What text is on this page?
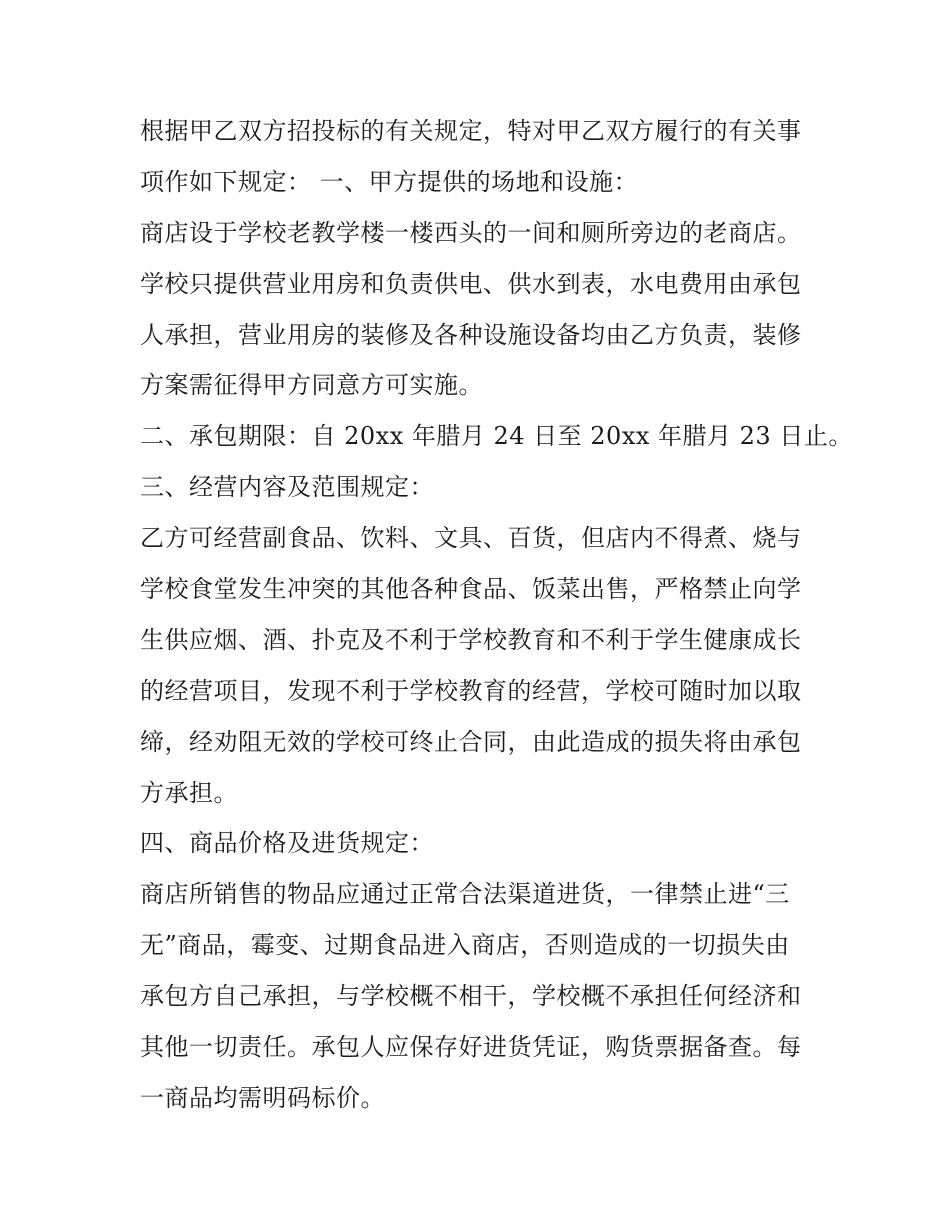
根据甲乙双方招投标的有关规定，特对甲乙双方履行的有关事
项作如下规定： 一、甲方提供的场地和设施：
商店设于学校老教学楼一楼西头的一间和厕所旁边的老商店。
学校只提供营业用房和负责供电、供水到表，水电费用由承包
人承担，营业用房的装修及各种设施设备均由乙方负责，装修
方案需征得甲方同意方可实施。
二、承包期限：自 20xx 年腊月 24 日至 20xx 年腊月 23 日止。
三、经营内容及范围规定：
乙方可经营副食品、饮料、文具、百货，但店内不得煮、烧与
学校食堂发生冲突的其他各种食品、饭菜出售，严格禁止向学
生供应烟、酒、扑克及不利于学校教育和不利于学生健康成长
的经营项目，发现不利于学校教育的经营，学校可随时加以取
缔，经劝阻无效的学校可终止合同，由此造成的损失将由承包
方承担。
四、商品价格及进货规定：
商店所销售的物品应通过正常合法渠道进货，一律禁止进“三
无”商品，霉变、过期食品进入商店，否则造成的一切损失由
承包方自己承担，与学校概不相干，学校概不承担任何经济和
其他一切责任。承包人应保存好进货凭证，购货票据备查。每
一商品均需明码标价。
